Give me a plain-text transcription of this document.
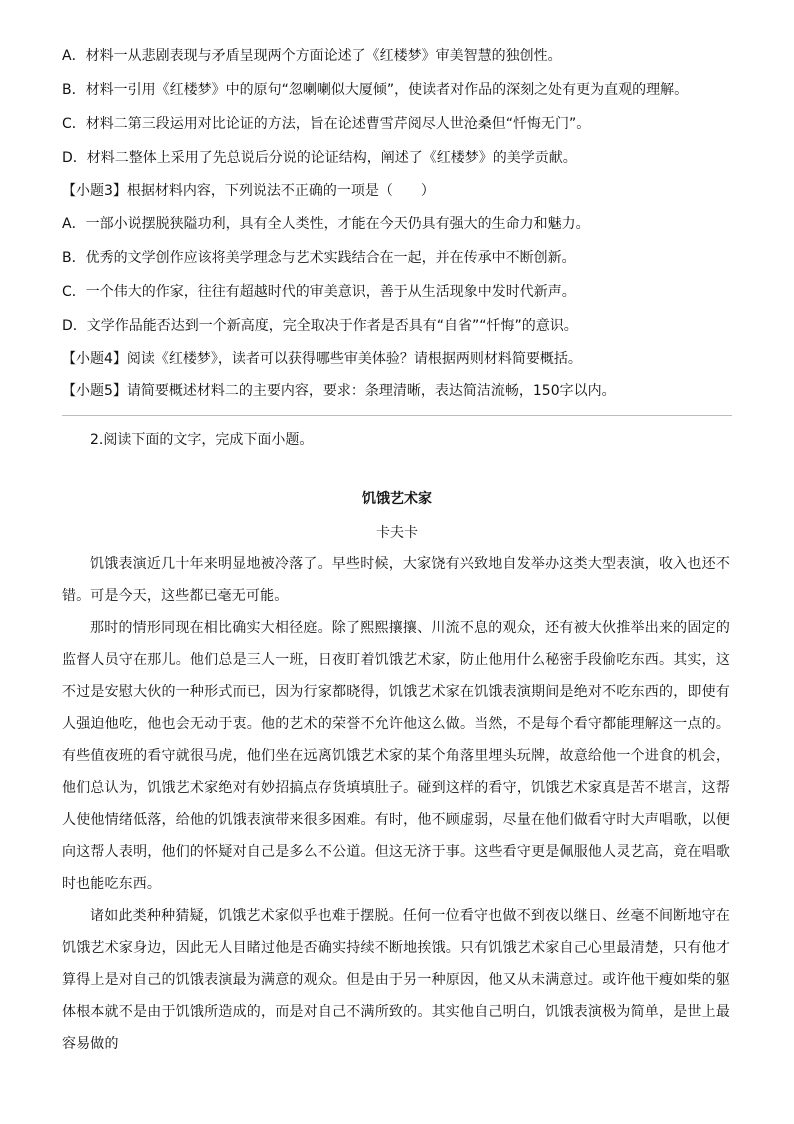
A．材料一从悲剧表现与矛盾呈现两个方面论述了《红楼梦》审美智慧的独创性。
B．材料一引用《红楼梦》中的原句“忽喇喇似大厦倾”，使读者对作品的深刻之处有更为直观的理解。
C．材料二第三段运用对比论证的方法，旨在论述曹雪芹阅尽人世沧桑但“忏悔无门”。
D．材料二整体上采用了先总说后分说的论证结构，阐述了《红楼梦》的美学贡献。
【小题3】根据材料内容，下列说法不正确的一项是（　　）
A．一部小说摆脱狭隘功利，具有全人类性，才能在今天仍具有强大的生命力和魅力。
B．优秀的文学创作应该将美学理念与艺术实践结合在一起，并在传承中不断创新。
C．一个伟大的作家，往往有超越时代的审美意识，善于从生活现象中发时代新声。
D．文学作品能否达到一个新高度，完全取决于作者是否具有“自省”“忏悔”的意识。
【小题4】阅读《红楼梦》，读者可以获得哪些审美体验？请根据两则材料简要概括。
【小题5】请简要概述材料二的主要内容，要求：条理清晰，表达简洁流畅，150字以内。
2.阅读下面的文字，完成下面小题。
饥饿艺术家
卡夫卡

饥饿表演近几十年来明显地被冷落了。早些时候，大家饶有兴致地自发举办这类大型表演，收入也还不错。可是今天，这些都已毫无可能。

那时的情形同现在相比确实大相径庭。除了熙熙攘攘、川流不息的观众，还有被大伙推举出来的固定的监督人员守在那儿。他们总是三人一班，日夜盯着饥饿艺术家，防止他用什么秘密手段偷吃东西。其实，这不过是安慰大伙的一种形式而已，因为行家都晓得，饥饿艺术家在饥饿表演期间是绝对不吃东西的，即使有人强迫他吃，他也会无动于衷。他的艺术的荣誉不允许他这么做。当然，不是每个看守都能理解这一点的。有些值夜班的看守就很马虎，他们坐在远离饥饿艺术家的某个角落里埋头玩牌，故意给他一个进食的机会，他们总认为，饥饿艺术家绝对有妙招搞点存货填填肚子。碰到这样的看守，饥饿艺术家真是苦不堪言，这帮人使他情绪低落，给他的饥饿表演带来很多困难。有时，他不顾虚弱，尽量在他们做看守时大声唱歌，以便向这帮人表明，他们的怀疑对自己是多么不公道。但这无济于事。这些看守更是佩服他人灵艺高，竟在唱歌时也能吃东西。

诸如此类种种猜疑，饥饿艺术家似乎也难于摆脱。任何一位看守也做不到夜以继日、丝毫不间断地守在饥饿艺术家身边，因此无人目睹过他是否确实持续不断地挨饿。只有饥饿艺术家自己心里最清楚，只有他才算得上是对自己的饥饿表演最为满意的观众。但是由于另一种原因，他又从未满意过。或许他干瘦如柴的躯体根本就不是由于饥饿所造成的，而是对自己不满所致的。其实他自己明白，饥饿表演极为简单，是世上最容易做的
